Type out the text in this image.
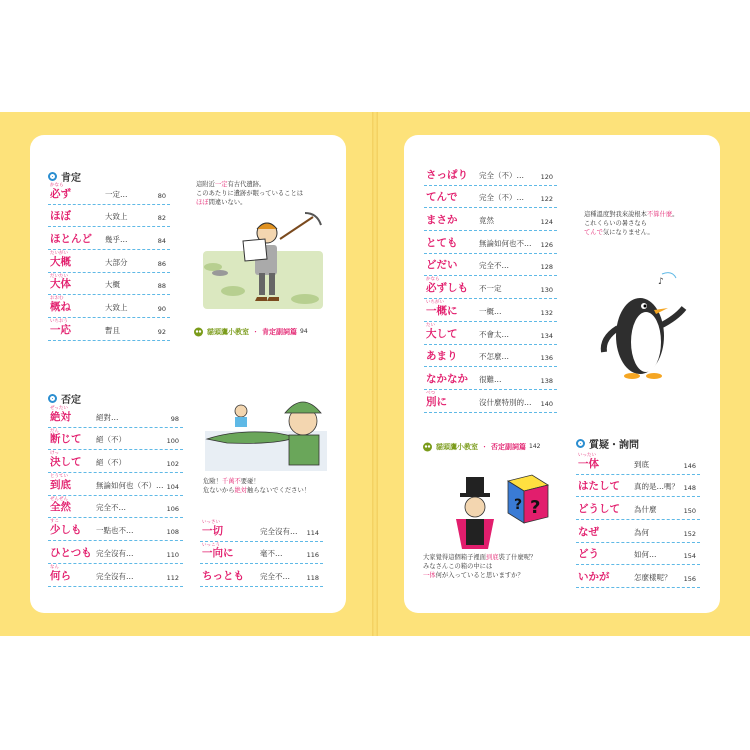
肯定
かなら
必ず	一定…	80
ほぼ	大致上	82
ほとんど 幾乎…	84
たいがい
大概	大部分	86
だいたい
大体	大概	88
おおむ
概ね	大致上	90
いちおう
一応	暫且	92
這附近一定有古代遺跡。
このあたりに遺跡が眠っていることは
ほぼ間違いない。
貓頭鷹小教室 ・ 肯定副詞篇 94
否定
ぜったい
絶対	絕對…	98
だん
断じて 絕（不）	100
けっ
決して 絕（不）	102
とうてい
到底	無論如何也（不）… 104
ぜんぜん
全然	完全不…	106
すこ
少しも 一點也不…	108
ひとつも 完全沒有…	110
なん
何ら	完全沒有…	112
危險！千萬不要碰！
危ないから絶対触らないでください！
いっさい
一切	完全沒有… 114
いっこう
一向に	毫不…	116
ちっとも 完全不…	118
さっぱり 完全（不）…	120
てんで	完全（不）…	122
まさか	竟然	124
とても	無論如何也不… 126
どだい	完全不…	128
かなら
必ずしも 不一定	130
いちがい
一概に	一概…	132
たい
大して	不會太…	134
あまり	不怎麼…	136
なかなか 很難…	138
べつ
別に	沒什麼特別的… 140
貓頭鷹小教室 ・ 否定副詞篇 142
這種溫度對我來說根本不算什麼。
これくらいの暑さなら
てんで気になりません。
♪
?
?
大家覺得這個箱子裡面到底裝了什麼呢？
みなさんこの箱の中には
一体何が入っていると思いますか？
質疑・詢問
いったい
一体	到底	146
はたして 真的是…嗎？ 148
どうして 為什麼	150
なぜ	為何	152
どう	如何…	154
いかが	怎麼樣呢？ 156
